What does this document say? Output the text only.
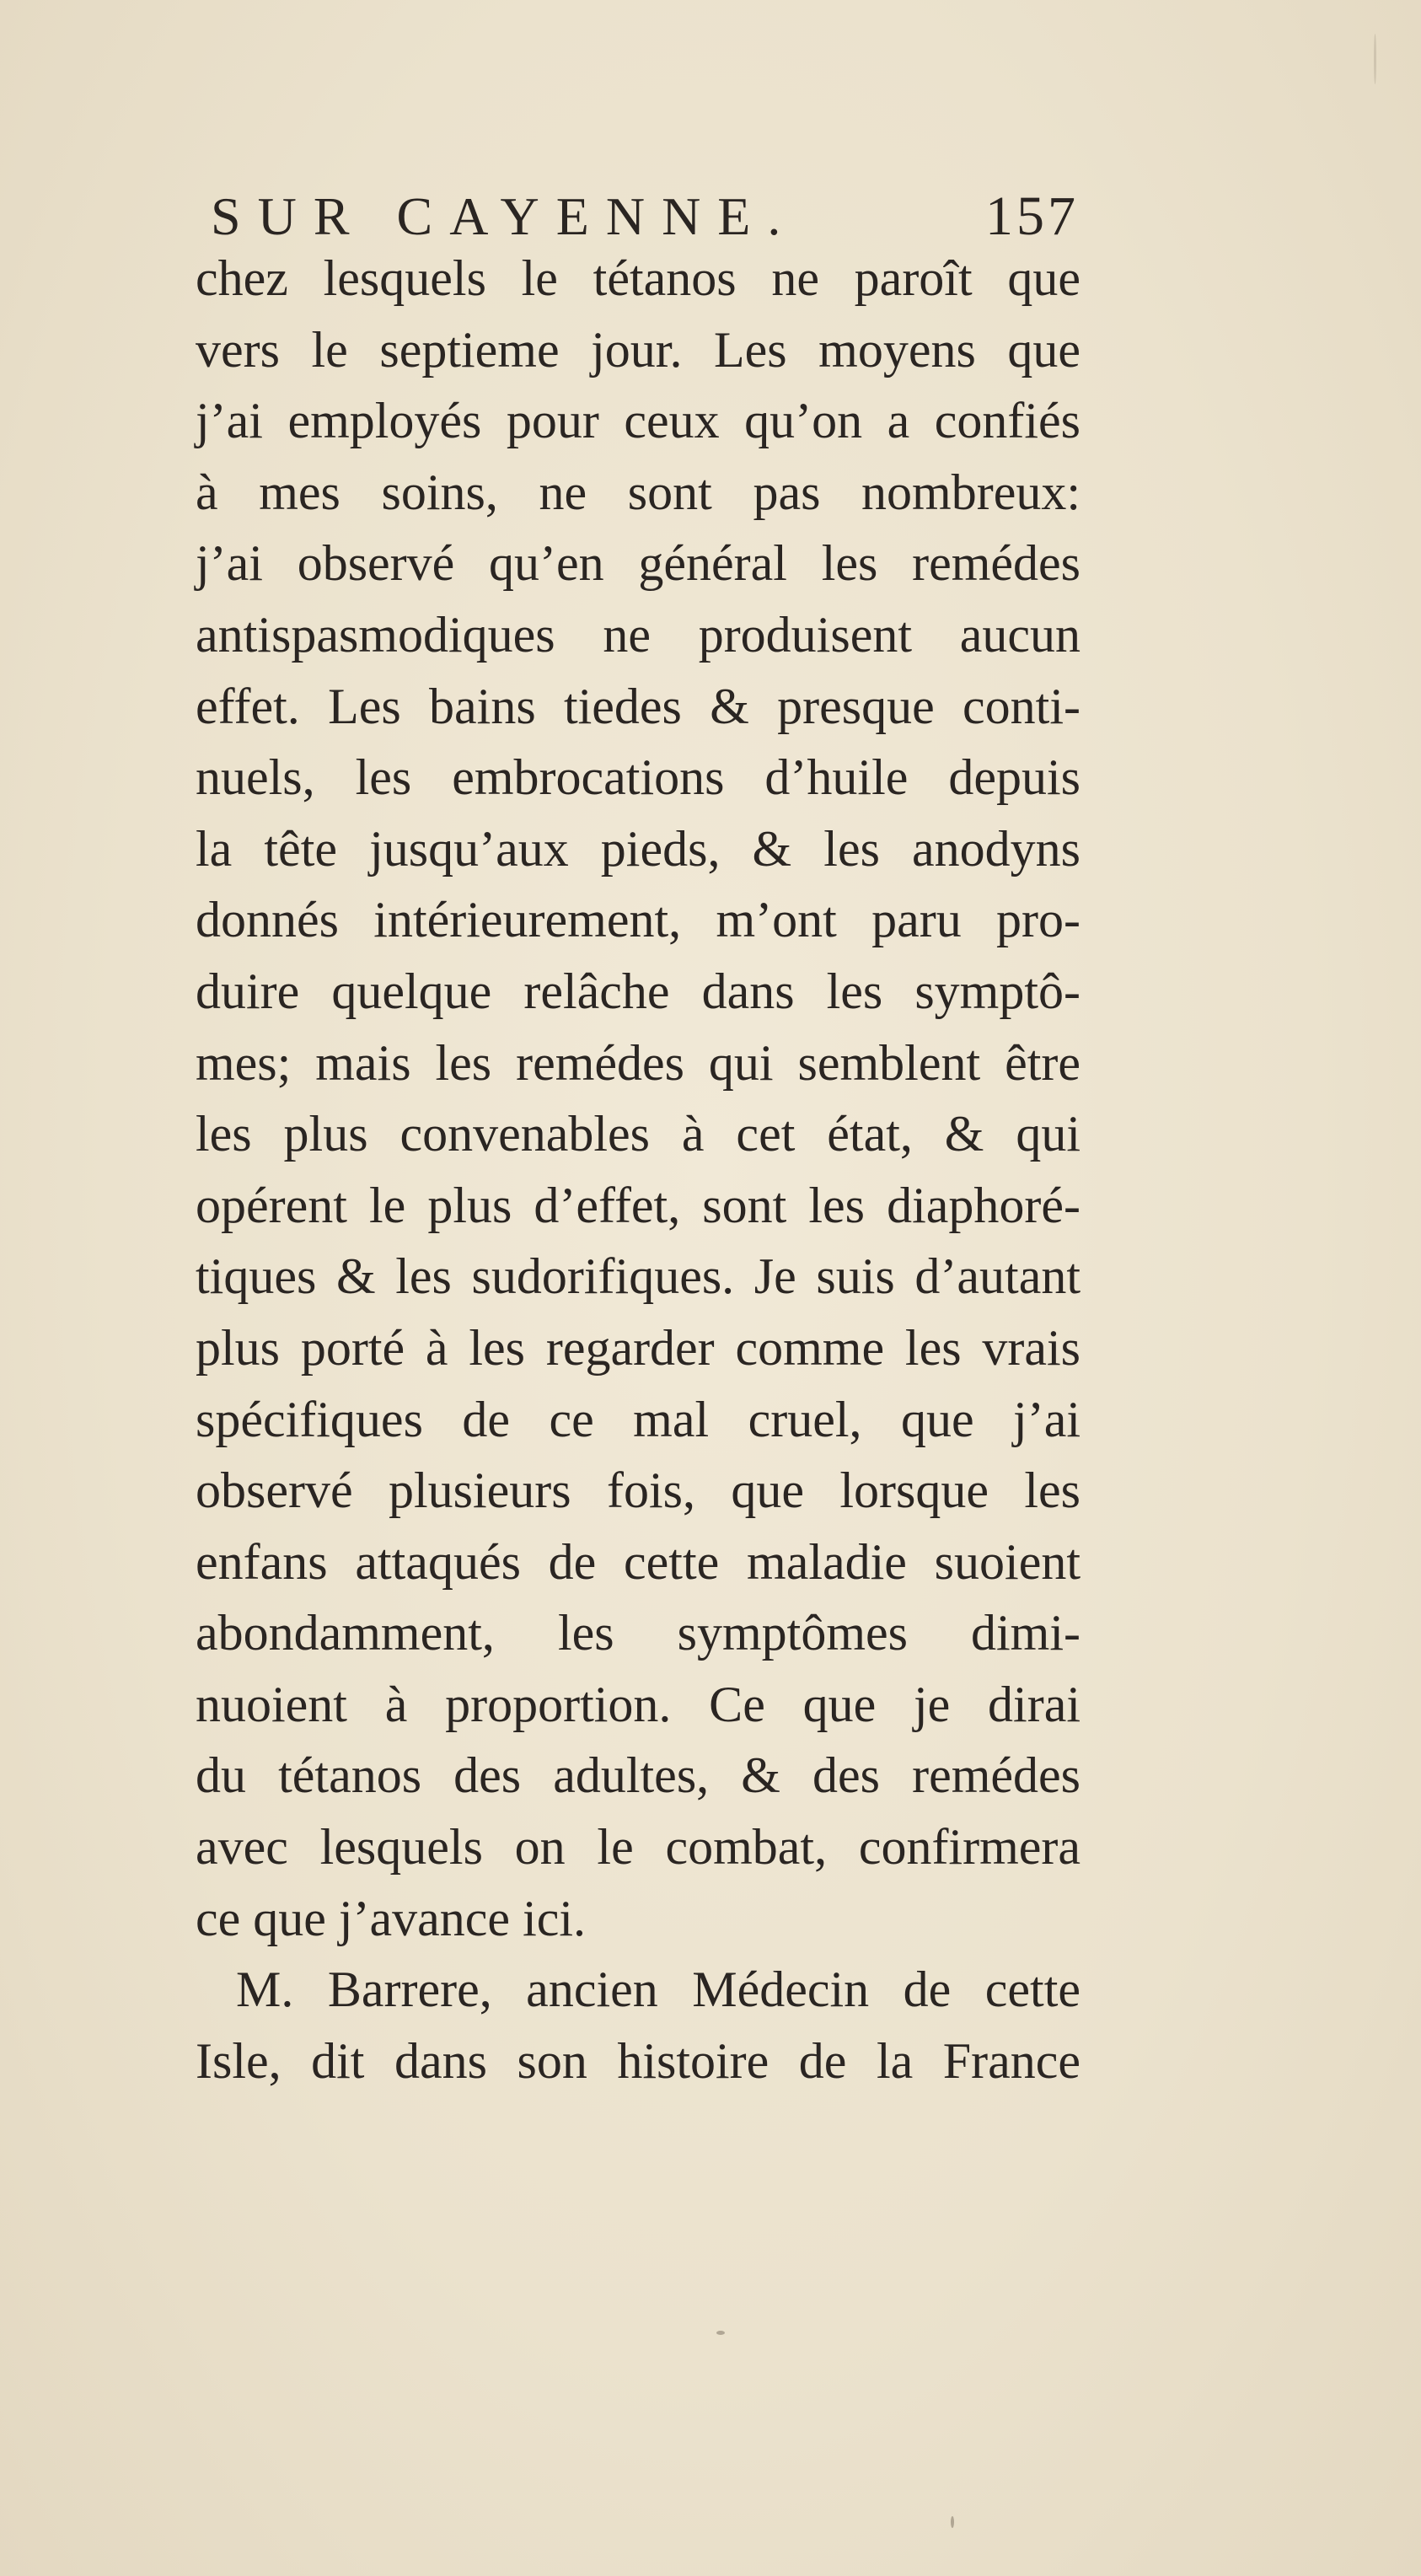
SUR CAYENNE.	157
chez lesquels le tétanos ne paroît que
vers le septieme jour. Les moyens que
j’ai employés pour ceux qu’on a confiés
à mes soins, ne sont pas nombreux:
j’ai observé qu’en général les remédes
antispasmodiques ne produisent aucun
effet. Les bains tiedes & presque conti-
nuels, les embrocations d’huile depuis
la tête jusqu’aux pieds, & les anodyns
donnés intérieurement, m’ont paru pro-
duire quelque relâche dans les symptô-
mes; mais les remédes qui semblent être
les plus convenables à cet état, & qui
opérent le plus d’effet, sont les diaphoré-
tiques & les sudorifiques. Je suis d’autant
plus porté à les regarder comme les vrais
spécifiques de ce mal cruel, que j’ai
observé plusieurs fois, que lorsque les
enfans attaqués de cette maladie suoient
abondamment, les symptômes dimi-
nuoient à proportion. Ce que je dirai
du tétanos des adultes, & des remédes
avec lesquels on le combat, confirmera
ce que j’avance ici.
M. Barrere, ancien Médecin de cette
Isle, dit dans son histoire de la France
